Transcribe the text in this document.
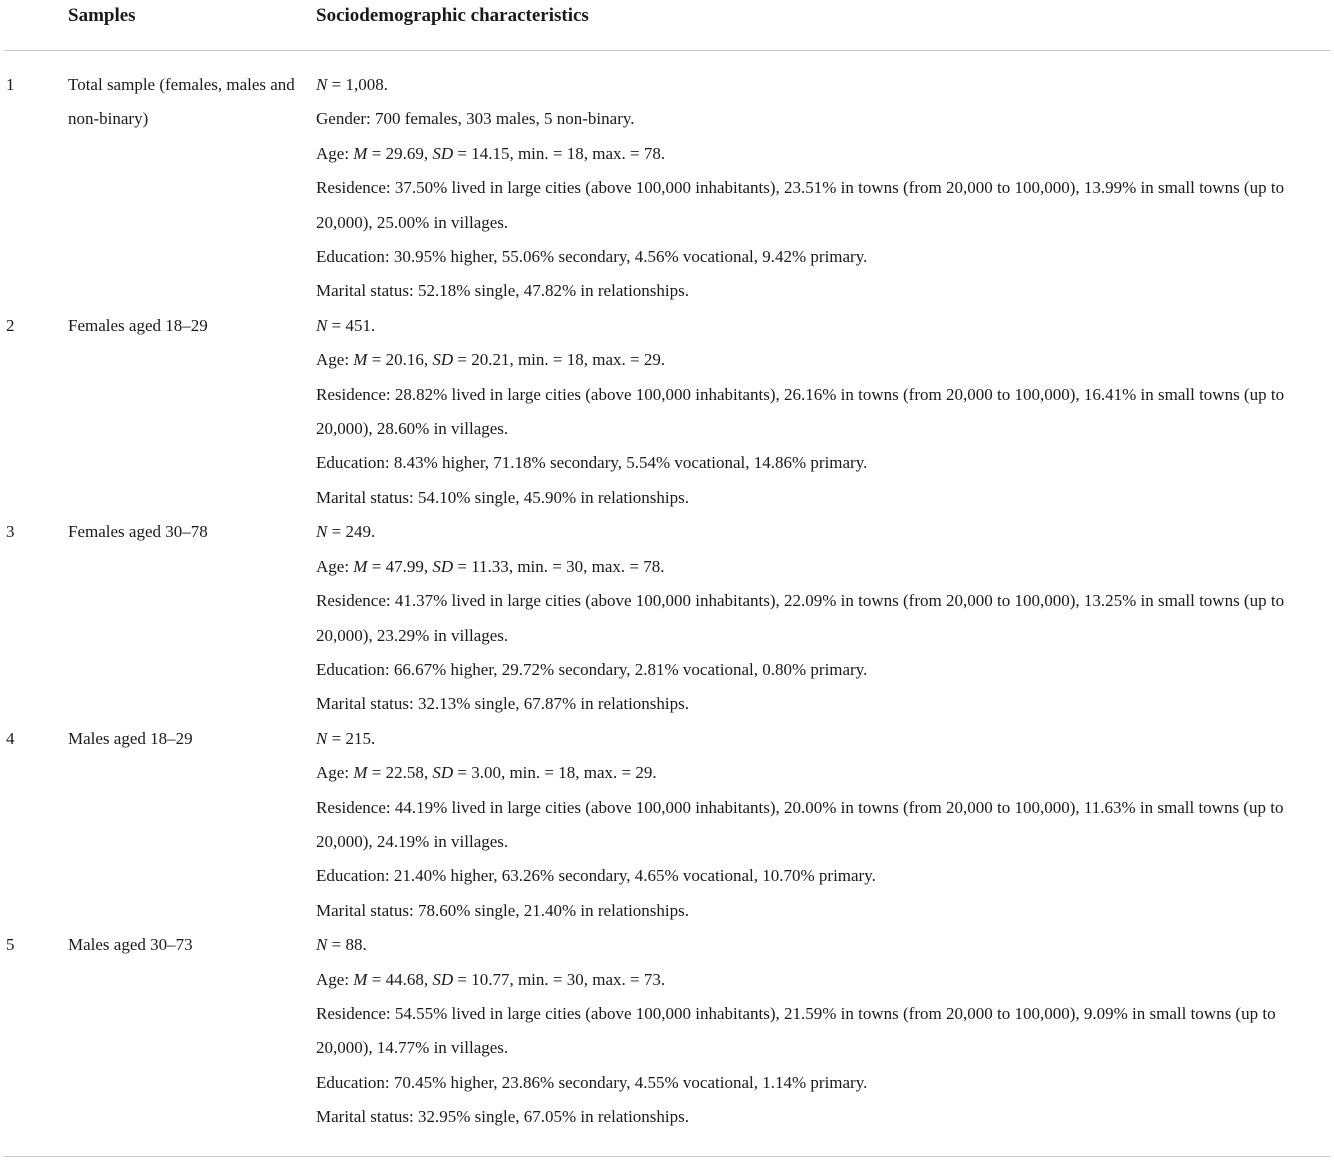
Samples	Sociodemographic characteristics
1	Total sample (females, males and non-binary)
N = 1,008.
Gender: 700 females, 303 males, 5 non-binary.
Age: M = 29.69, SD = 14.15, min. = 18, max. = 78.
Residence: 37.50% lived in large cities (above 100,000 inhabitants), 23.51% in towns (from 20,000 to 100,000), 13.99% in small towns (up to 20,000), 25.00% in villages.
Education: 30.95% higher, 55.06% secondary, 4.56% vocational, 9.42% primary.
Marital status: 52.18% single, 47.82% in relationships.
2	Females aged 18–29	N = 451.
Age: M = 20.16, SD = 20.21, min. = 18, max. = 29.
Residence: 28.82% lived in large cities (above 100,000 inhabitants), 26.16% in towns (from 20,000 to 100,000), 16.41% in small towns (up to 20,000), 28.60% in villages.
Education: 8.43% higher, 71.18% secondary, 5.54% vocational, 14.86% primary.
Marital status: 54.10% single, 45.90% in relationships.
3	Females aged 30–78	N = 249.
Age: M = 47.99, SD = 11.33, min. = 30, max. = 78.
Residence: 41.37% lived in large cities (above 100,000 inhabitants), 22.09% in towns (from 20,000 to 100,000), 13.25% in small towns (up to 20,000), 23.29% in villages.
Education: 66.67% higher, 29.72% secondary, 2.81% vocational, 0.80% primary.
Marital status: 32.13% single, 67.87% in relationships.
4	Males aged 18–29	N = 215.
Age: M = 22.58, SD = 3.00, min. = 18, max. = 29.
Residence: 44.19% lived in large cities (above 100,000 inhabitants), 20.00% in towns (from 20,000 to 100,000), 11.63% in small towns (up to 20,000), 24.19% in villages.
Education: 21.40% higher, 63.26% secondary, 4.65% vocational, 10.70% primary.
Marital status: 78.60% single, 21.40% in relationships.
5	Males aged 30–73	N = 88.
Age: M = 44.68, SD = 10.77, min. = 30, max. = 73.
Residence: 54.55% lived in large cities (above 100,000 inhabitants), 21.59% in towns (from 20,000 to 100,000), 9.09% in small towns (up to 20,000), 14.77% in villages.
Education: 70.45% higher, 23.86% secondary, 4.55% vocational, 1.14% primary.
Marital status: 32.95% single, 67.05% in relationships.
